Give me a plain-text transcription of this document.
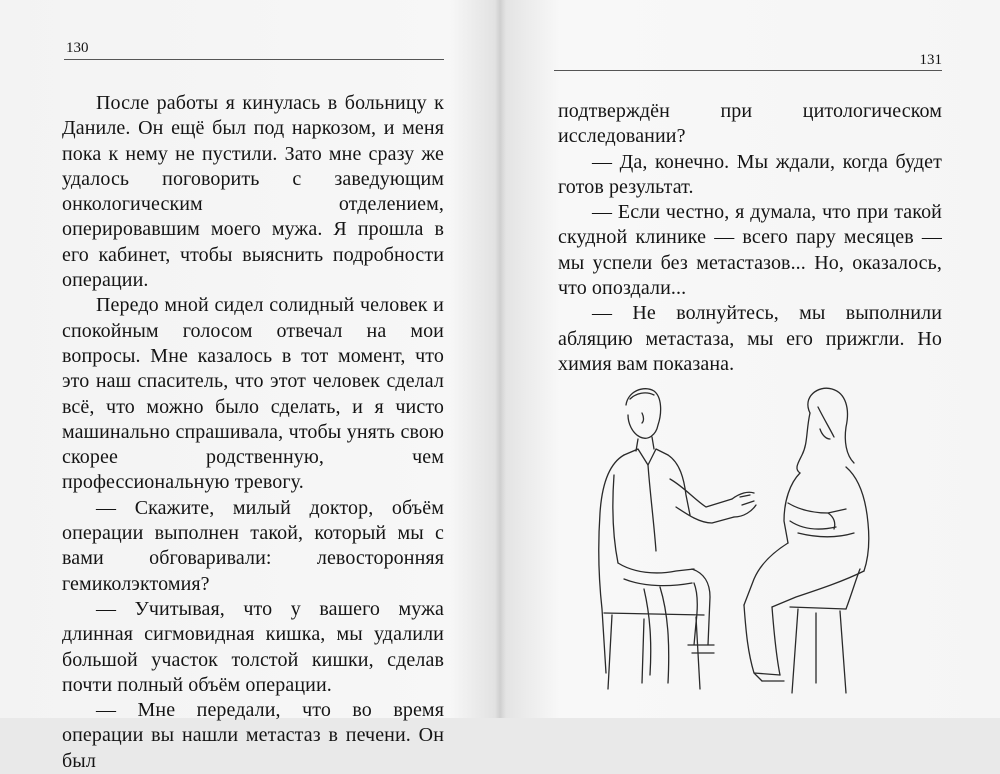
130

После работы я кинулась в больницу к Даниле. Он ещё был под наркозом, и меня пока к нему не пустили. Зато мне сразу же удалось поговорить с заведующим онкологическим отделением, оперировавшим моего мужа. Я прошла в его кабинет, чтобы выяснить подробности операции.

Передо мной сидел солидный человек и спокойным голосом отвечал на мои вопросы. Мне казалось в тот момент, что это наш спаситель, что этот человек сделал всё, что можно было сделать, и я чисто машинально спрашивала, чтобы унять свою скорее родственную, чем профессиональную тревогу.

— Скажите, милый доктор, объём операции выполнен такой, который мы с вами обговаривали: левосторонняя гемиколэктомия?

— Учитывая, что у вашего мужа длинная сигмовидная кишка, мы удалили большой участок толстой кишки, сделав почти полный объём операции.

— Мне передали, что во время операции вы нашли метастаз в печени. Он был

131

подтверждён при цитологическом исследовании?

— Да, конечно. Мы ждали, когда будет готов результат.

— Если честно, я думала, что при такой скудной клинике — всего пару месяцев — мы успели без метастазов... Но, оказалось, что опоздали...

— Не волнуйтесь, мы выполнили абляцию метастаза, мы его прижгли. Но химия вам показана.
